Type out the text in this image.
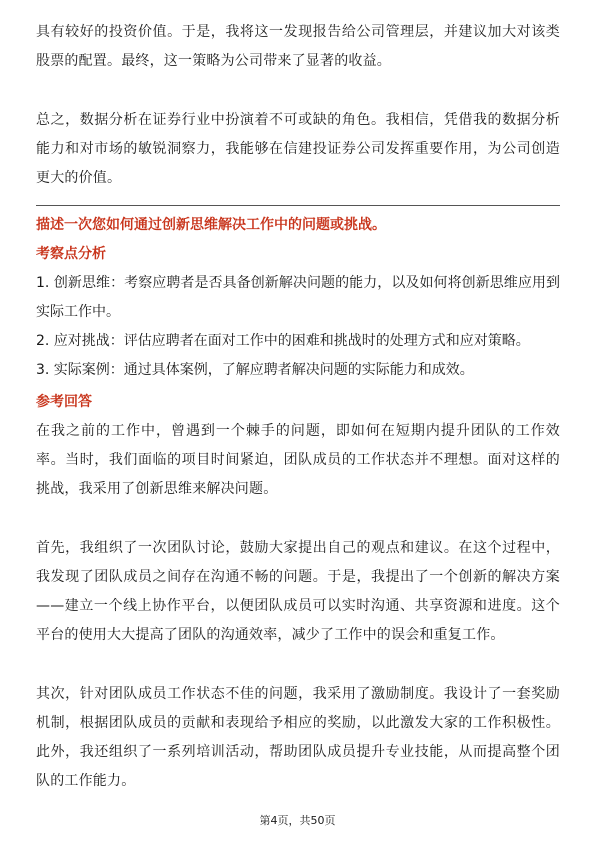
具有较好的投资价值。于是，我将这一发现报告给公司管理层，并建议加大对该类股票的配置。最终，这一策略为公司带来了显著的收益。

总之，数据分析在证券行业中扮演着不可或缺的角色。我相信，凭借我的数据分析能力和对市场的敏锐洞察力，我能够在信建投证券公司发挥重要作用，为公司创造更大的价值。

描述一次您如何通过创新思维解决工作中的问题或挑战。

考察点分析

1. 创新思维：考察应聘者是否具备创新解决问题的能力，以及如何将创新思维应用到实际工作中。
2. 应对挑战：评估应聘者在面对工作中的困难和挑战时的处理方式和应对策略。
3. 实际案例：通过具体案例，了解应聘者解决问题的实际能力和成效。

参考回答

在我之前的工作中，曾遇到一个棘手的问题，即如何在短期内提升团队的工作效率。当时，我们面临的项目时间紧迫，团队成员的工作状态并不理想。面对这样的挑战，我采用了创新思维来解决问题。

首先，我组织了一次团队讨论，鼓励大家提出自己的观点和建议。在这个过程中，我发现了团队成员之间存在沟通不畅的问题。于是，我提出了一个创新的解决方案——建立一个线上协作平台，以便团队成员可以实时沟通、共享资源和进度。这个平台的使用大大提高了团队的沟通效率，减少了工作中的误会和重复工作。

其次，针对团队成员工作状态不佳的问题，我采用了激励制度。我设计了一套奖励机制，根据团队成员的贡献和表现给予相应的奖励，以此激发大家的工作积极性。此外，我还组织了一系列培训活动，帮助团队成员提升专业技能，从而提高整个团队的工作能力。

第4页，共50页
